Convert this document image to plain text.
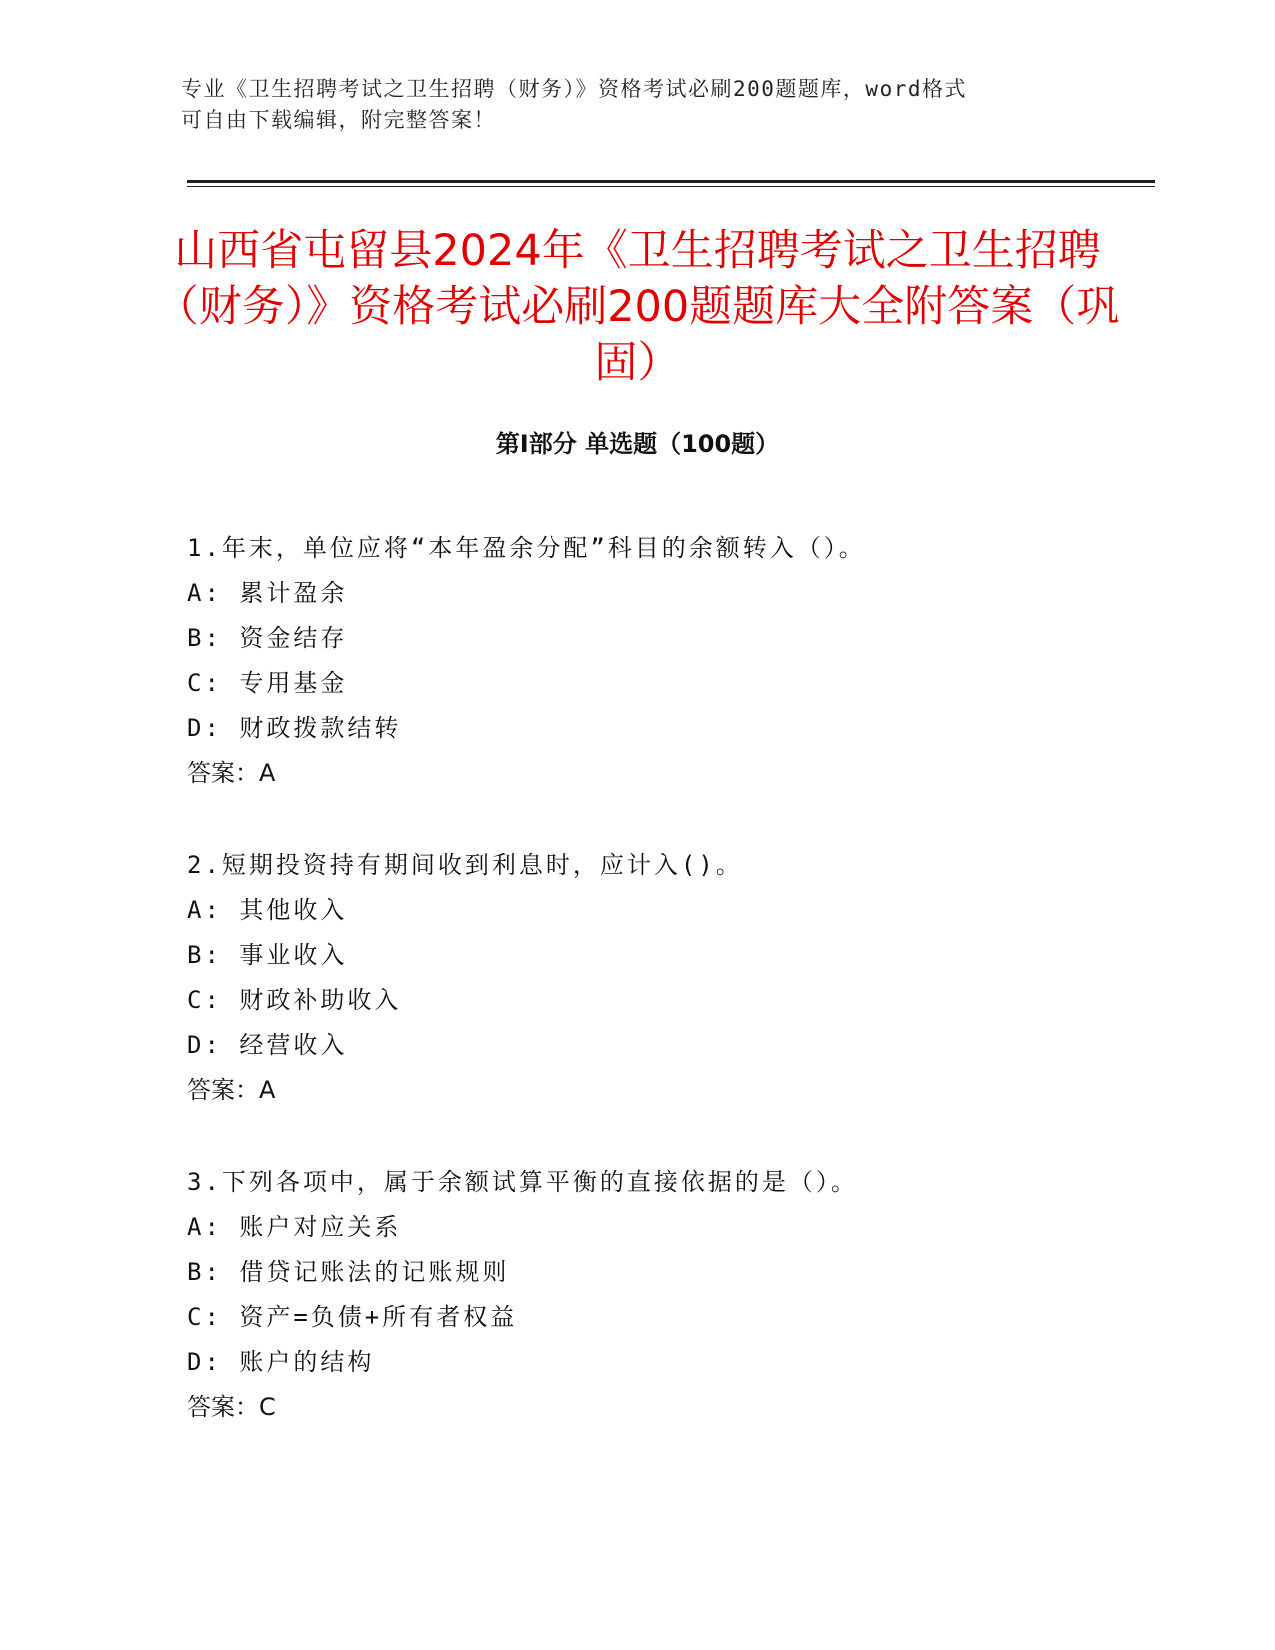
专业《卫生招聘考试之卫生招聘（财务）》资格考试必刷200题题库，word格式
可自由下载编辑，附完整答案！
山西省屯留县2024年《卫生招聘考试之卫生招聘（财务）》资格考试必刷200题题库大全附答案（巩固）
第Ⅰ部分 单选题（100题）
1.年末，单位应将“本年盈余分配”科目的余额转入（）。
A: 累计盈余
B: 资金结存
C: 专用基金
D: 财政拨款结转
答案：A
2.短期投资持有期间收到利息时，应计入()。
A: 其他收入
B: 事业收入
C: 财政补助收入
D: 经营收入
答案：A
3.下列各项中，属于余额试算平衡的直接依据的是（）。
A: 账户对应关系
B: 借贷记账法的记账规则
C: 资产=负债+所有者权益
D: 账户的结构
答案：C
